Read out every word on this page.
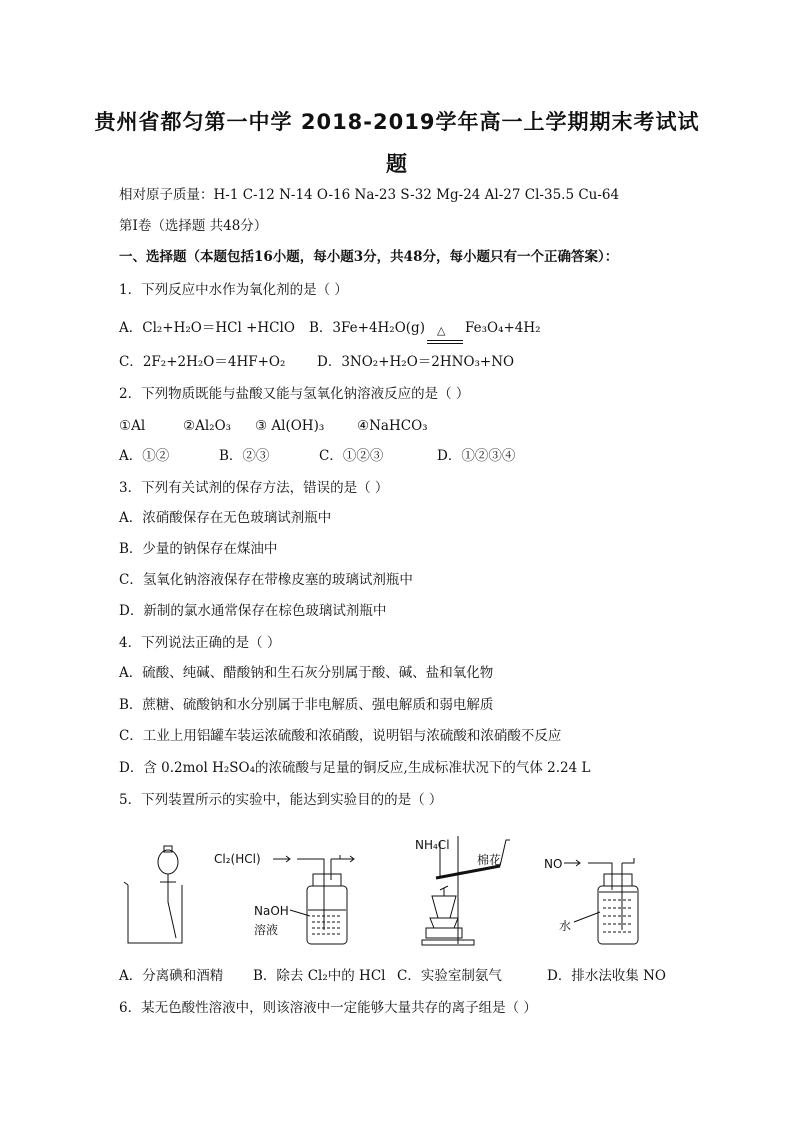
贵州省都匀第一中学 2018-2019学年高一上学期期末考试试
题
相对原子质量：H-1 C-12 N-14 O-16 Na-23 S-32 Mg-24 Al-27 Cl-35.5 Cu-64
第Ⅰ卷（选择题 共48分）
一、选择题（本题包括16小题，每小题3分，共48分，每小题只有一个正确答案）：
1．下列反应中水作为氧化剂的是（ ）
A．Cl₂+H₂O＝HCl +HClO B．3Fe+4H₂O(g) △ Fe₃O₄+4H₂
C．2F₂+2H₂O＝4HF+O₂ D．3NO₂+H₂O＝2HNO₃+NO
2．下列物质既能与盐酸又能与氢氧化钠溶液反应的是（ ）
①Al	②Al₂O₃ ③ Al(OH)₃ ④NaHCO₃
A．①②	B．②③	C．①②③	D．①②③④
3．下列有关试剂的保存方法，错误的是（ ）
A．浓硝酸保存在无色玻璃试剂瓶中
B．少量的钠保存在煤油中
C．氢氧化钠溶液保存在带橡皮塞的玻璃试剂瓶中
D．新制的氯水通常保存在棕色玻璃试剂瓶中
4．下列说法正确的是（ ）
A．硫酸、纯碱、醋酸钠和生石灰分别属于酸、碱、盐和氧化物
B．蔗糖、硫酸钠和水分别属于非电解质、强电解质和弱电解质
C．工业上用铝罐车装运浓硫酸和浓硝酸，说明铝与浓硫酸和浓硝酸不反应
D．含 0.2mol H₂SO₄的浓硫酸与足量的铜反应,生成标准状况下的气体 2.24 L
5．下列装置所示的实验中，能达到实验目的的是（ ）
Cl₂(HCl)
NaOH
溶液
NH₄Cl
棉花	NO
水
A．分离碘和酒精 B．除去 Cl₂中的 HCl C．实验室制氨气	D．排水法收集 NO
6．某无色酸性溶液中，则该溶液中一定能够大量共存的离子组是（ ）
